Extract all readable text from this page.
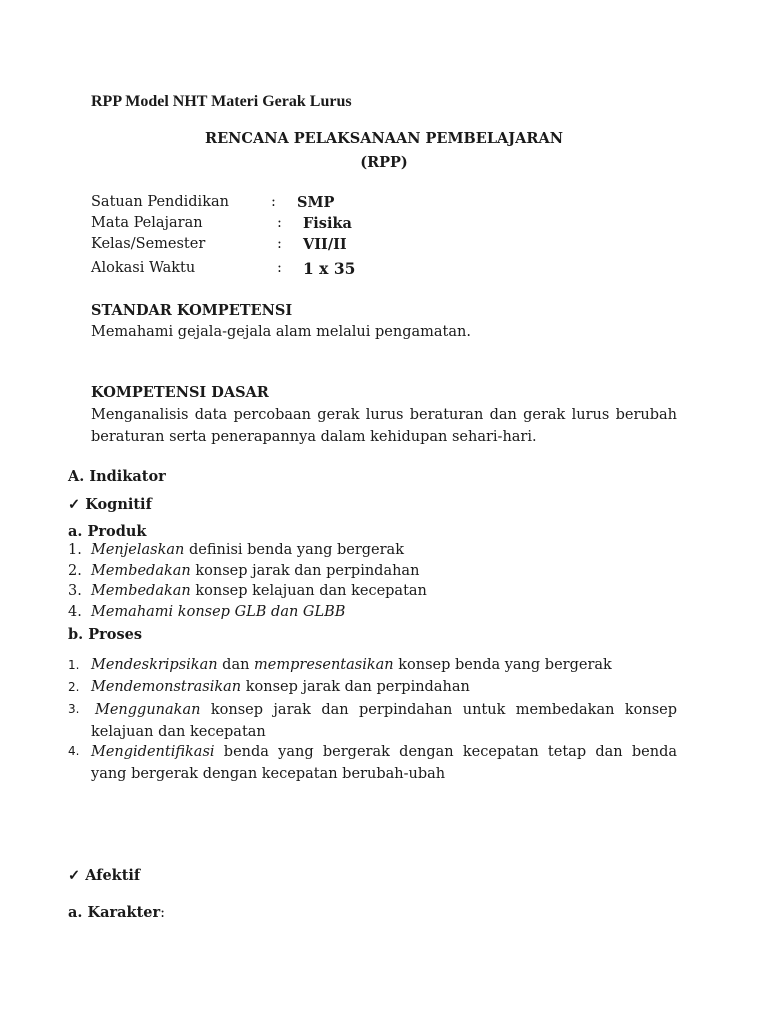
RPP Model NHT Materi Gerak Lurus
RENCANA PELAKSANAAN PEMBELAJARAN
(RPP)
Satuan Pendidikan	: SMP
Mata Pelajaran	: Fisika
Kelas/Semester	: VII/II
Alokasi Waktu	: 1 x 35
STANDAR KOMPETENSI
Memahami gejala-gejala alam melalui pengamatan.
KOMPETENSI DASAR
Menganalisis data percobaan gerak lurus beraturan dan gerak lurus berubah beraturan serta penerapannya dalam kehidupan sehari-hari.
A. Indikator
✓ Kognitif
a. Produk
1. Menjelaskan definisi benda yang bergerak
2. Membedakan konsep jarak dan perpindahan
3. Membedakan konsep kelajuan dan kecepatan
4. Memahami konsep GLB dan GLBB
b. Proses
1. Mendeskripsikan dan mempresentasikan konsep benda yang bergerak
2. Mendemonstrasikan konsep jarak dan perpindahan
3.	Menggunakan konsep jarak dan perpindahan untuk membedakan konsep kelajuan dan kecepatan
4. Mengidentifikasi benda yang bergerak dengan kecepatan tetap dan benda yang bergerak dengan kecepatan berubah-ubah
✓ Afektif
a. Karakter:
